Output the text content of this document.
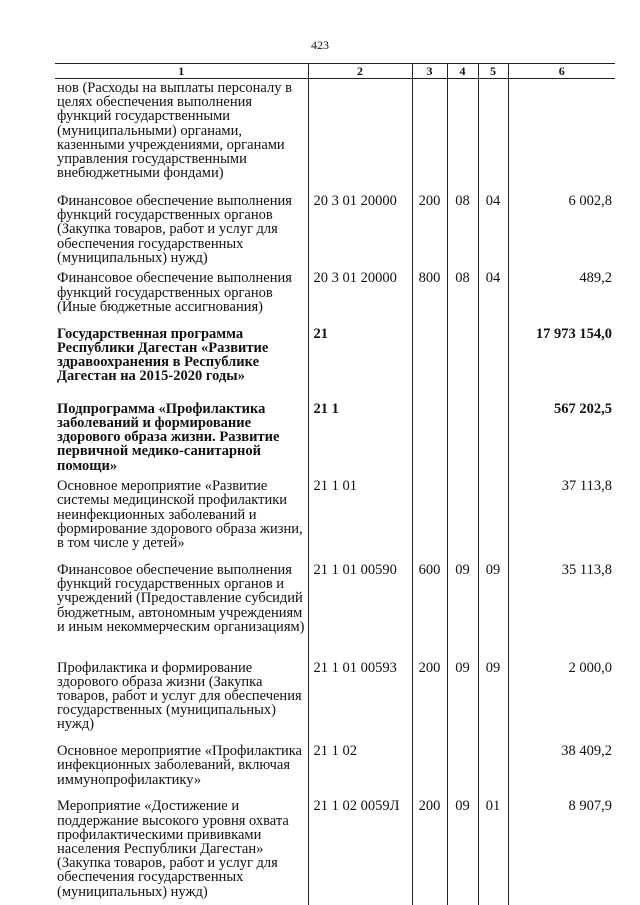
423
1	2	3	4	5	6
нов (Расходы на выплаты персоналу в целях обеспечения выполнения функций государственными (муниципальными) органами, казенными учреждениями, органами управления государственными внебюджетными фондами)					
Финансовое обеспечение выполнения функций государственных органов (Закупка товаров, работ и услуг для обеспечения государственных (муниципальных) нужд)	20 3 01 20000	200	08	04	6 002,8
Финансовое обеспечение выполнения функций государственных органов (Иные бюджетные ассигнования)	20 3 01 20000	800	08	04	489,2
Государственная программа Республики Дагестан «Развитие здравоохранения в Республике Дагестан на 2015-2020 годы»	21				17 973 154,0
Подпрограмма «Профилактика заболеваний и формирование здорового образа жизни. Развитие первичной медико-санитарной помощи»	21 1				567 202,5
Основное мероприятие «Развитие системы медицинской профилактики неинфекционных заболеваний и формирование здорового образа жизни, в том числе у детей»	21 1 01				37 113,8
Финансовое обеспечение выполнения функций государственных органов и учреждений (Предоставление субсидий бюджетным, автономным учреждениям и иным некоммерческим организациям)	21 1 01 00590	600	09	09	35 113,8
Профилактика и формирование здорового образа жизни (Закупка товаров, работ и услуг для обеспечения государственных (муниципальных) нужд)	21 1 01 00593	200	09	09	2 000,0
Основное мероприятие «Профилактика инфекционных заболеваний, включая иммунопрофилактику»	21 1 02				38 409,2
Мероприятие «Достижение и поддержание высокого уровня охвата профилактическими прививками населения Республики Дагестан» (Закупка товаров, работ и услуг для обеспечения государственных (муниципальных) нужд)	21 1 02 0059Л	200	09	01	8 907,9
